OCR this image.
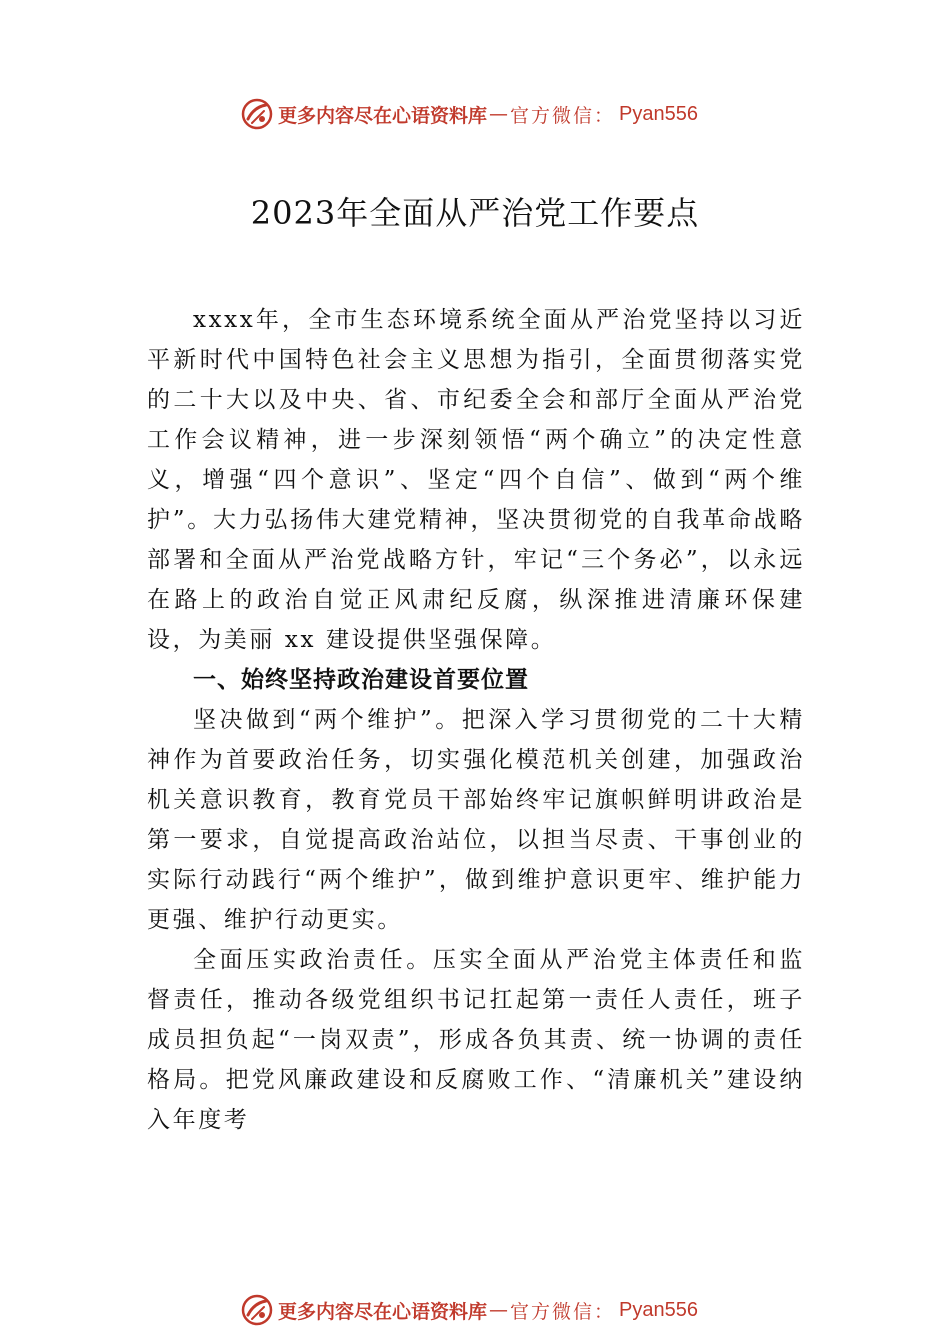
更多内容尽在心语资料库 — 官方微信： Pyan556
2023年全面从严治党工作要点

xxxx年，全市生态环境系统全面从严治党坚持以习近平新时代中国特色社会主义思想为指引，全面贯彻落实党的二十大以及中央、省、市纪委全会和部厅全面从严治党工作会议精神，进一步深刻领悟“两个确立”的决定性意义，增强“四个意识”、坚定“四个自信”、做到“两个维护”。大力弘扬伟大建党精神，坚决贯彻党的自我革命战略部署和全面从严治党战略方针，牢记“三个务必”，以永远在路上的政治自觉正风肃纪反腐，纵深推进清廉环保建设，为美丽 xx 建设提供坚强保障。

一、始终坚持政治建设首要位置

坚决做到“两个维护”。把深入学习贯彻党的二十大精神作为首要政治任务，切实强化模范机关创建，加强政治机关意识教育，教育党员干部始终牢记旗帜鲜明讲政治是第一要求，自觉提高政治站位，以担当尽责、干事创业的实际行动践行“两个维护”，做到维护意识更牢、维护能力更强、维护行动更实。

全面压实政治责任。压实全面从严治党主体责任和监督责任，推动各级党组织书记扛起第一责任人责任，班子成员担负起“一岗双责”，形成各负其责、统一协调的责任格局。把党风廉政建设和反腐败工作、“清廉机关”建设纳入年度考

更多内容尽在心语资料库 — 官方微信： Pyan556
